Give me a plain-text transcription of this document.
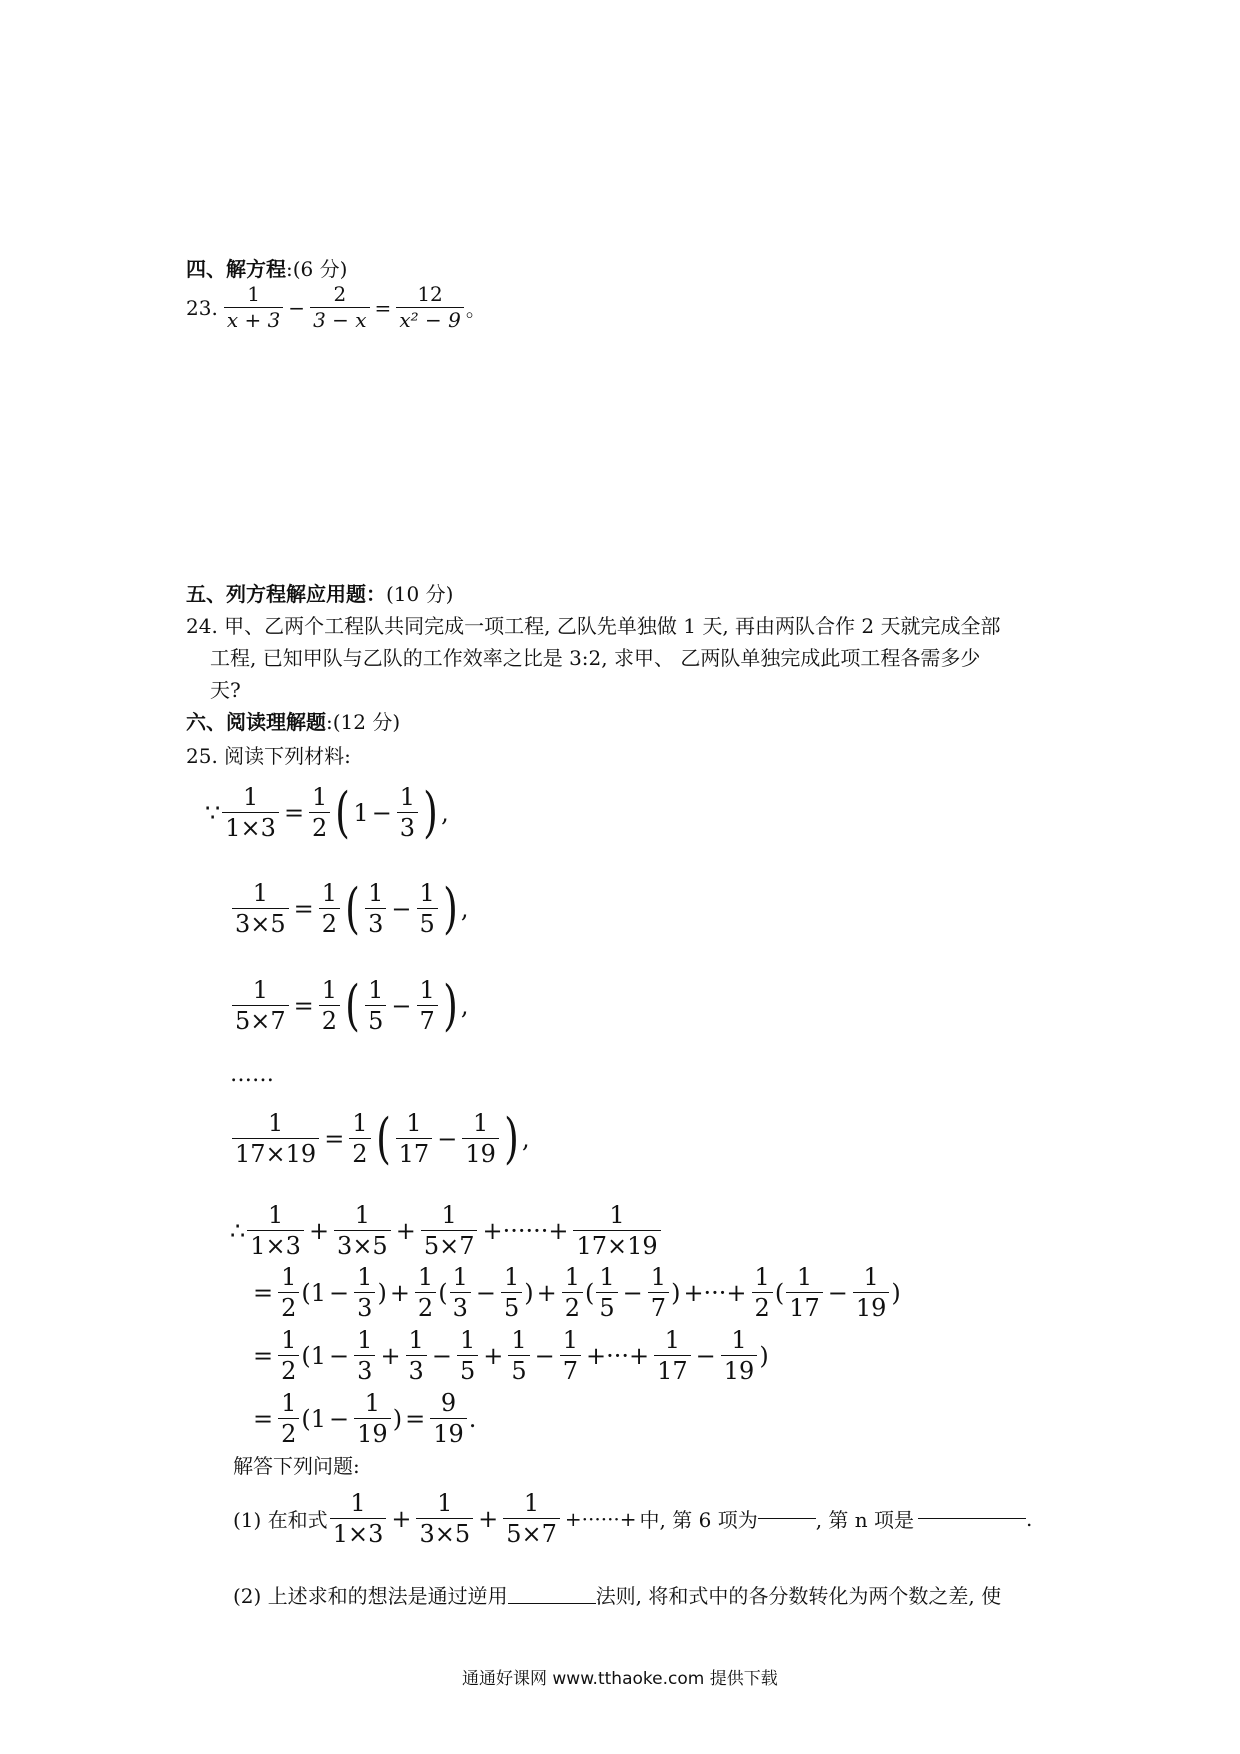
四、解方程:(6 分)
23. $\frac{1}{x + 3} - \frac{2}{3 - x} = \frac{12}{\text{x² − 9}}$ 。
五、列方程解应用题：(10 分)
24. 甲、乙两个工程队共同完成一项工程, 乙队先单独做 1 天, 再由两队合作 2 天就完成全部
工程, 已知甲队与乙队的工作效率之比是 3:2, 求甲、 乙两队单独完成此项工程各需多少
天?
六、阅读理解题:(12 分)
25. 阅读下列材料:
∵ $\frac{1}{1\times 3} = \frac{1}{2}$ ( $1 - \frac{1}{3}$ ) ,
$\frac{1}{3\times 5} = \frac{1}{2}$ ( $\frac{1}{3} - \frac{1}{5}$ ) ,
$\frac{1}{5\times 7} = \frac{1}{2}$ ( $\frac{1}{5} - \frac{1}{7}$ ) ,
……
$\frac{1}{17\times 19} = \frac{1}{2}$ ( $\frac{1}{17} - \frac{1}{19}$ ) ,
∴ $\frac{1}{1\times 3} + \frac{1}{3\times 5} + \frac{1}{5\times 7}$ +······+ $\frac{1}{17\times 19}$
= $\frac{1}{2}$ ( $1 - \frac{1}{3}$ ) + $\frac{1}{2}$ ( $\frac{1}{3} - \frac{1}{5}$ ) + $\frac{1}{2}$ ( $\frac{1}{5} - \frac{1}{7}$ ) +···+ $\frac{1}{2}$ ( $\frac{1}{17} - \frac{1}{19}$ )
= $\frac{1}{2}$ ( $1 - \frac{1}{3} + \frac{1}{3} - \frac{1}{5} + \frac{1}{5} - \frac{1}{7}$ +···+ $\frac{1}{17} - \frac{1}{19}$ )
= $\frac{1}{2}$ ( $1 - \frac{1}{19}$ ) = $\frac{9}{19}$ .
解答下列问题:
(1) 在和式 $\frac{1}{1\times 3} + \frac{1}{3\times 5} + \frac{1}{5\times 7}$ +······+ 中, 第 6 项为	, 第 n 项是	.
(2) 上述求和的想法是通过逆用	法则, 将和式中的各分数转化为两个数之差, 使
通通好课网 www.tthaoke.com 提供下载
